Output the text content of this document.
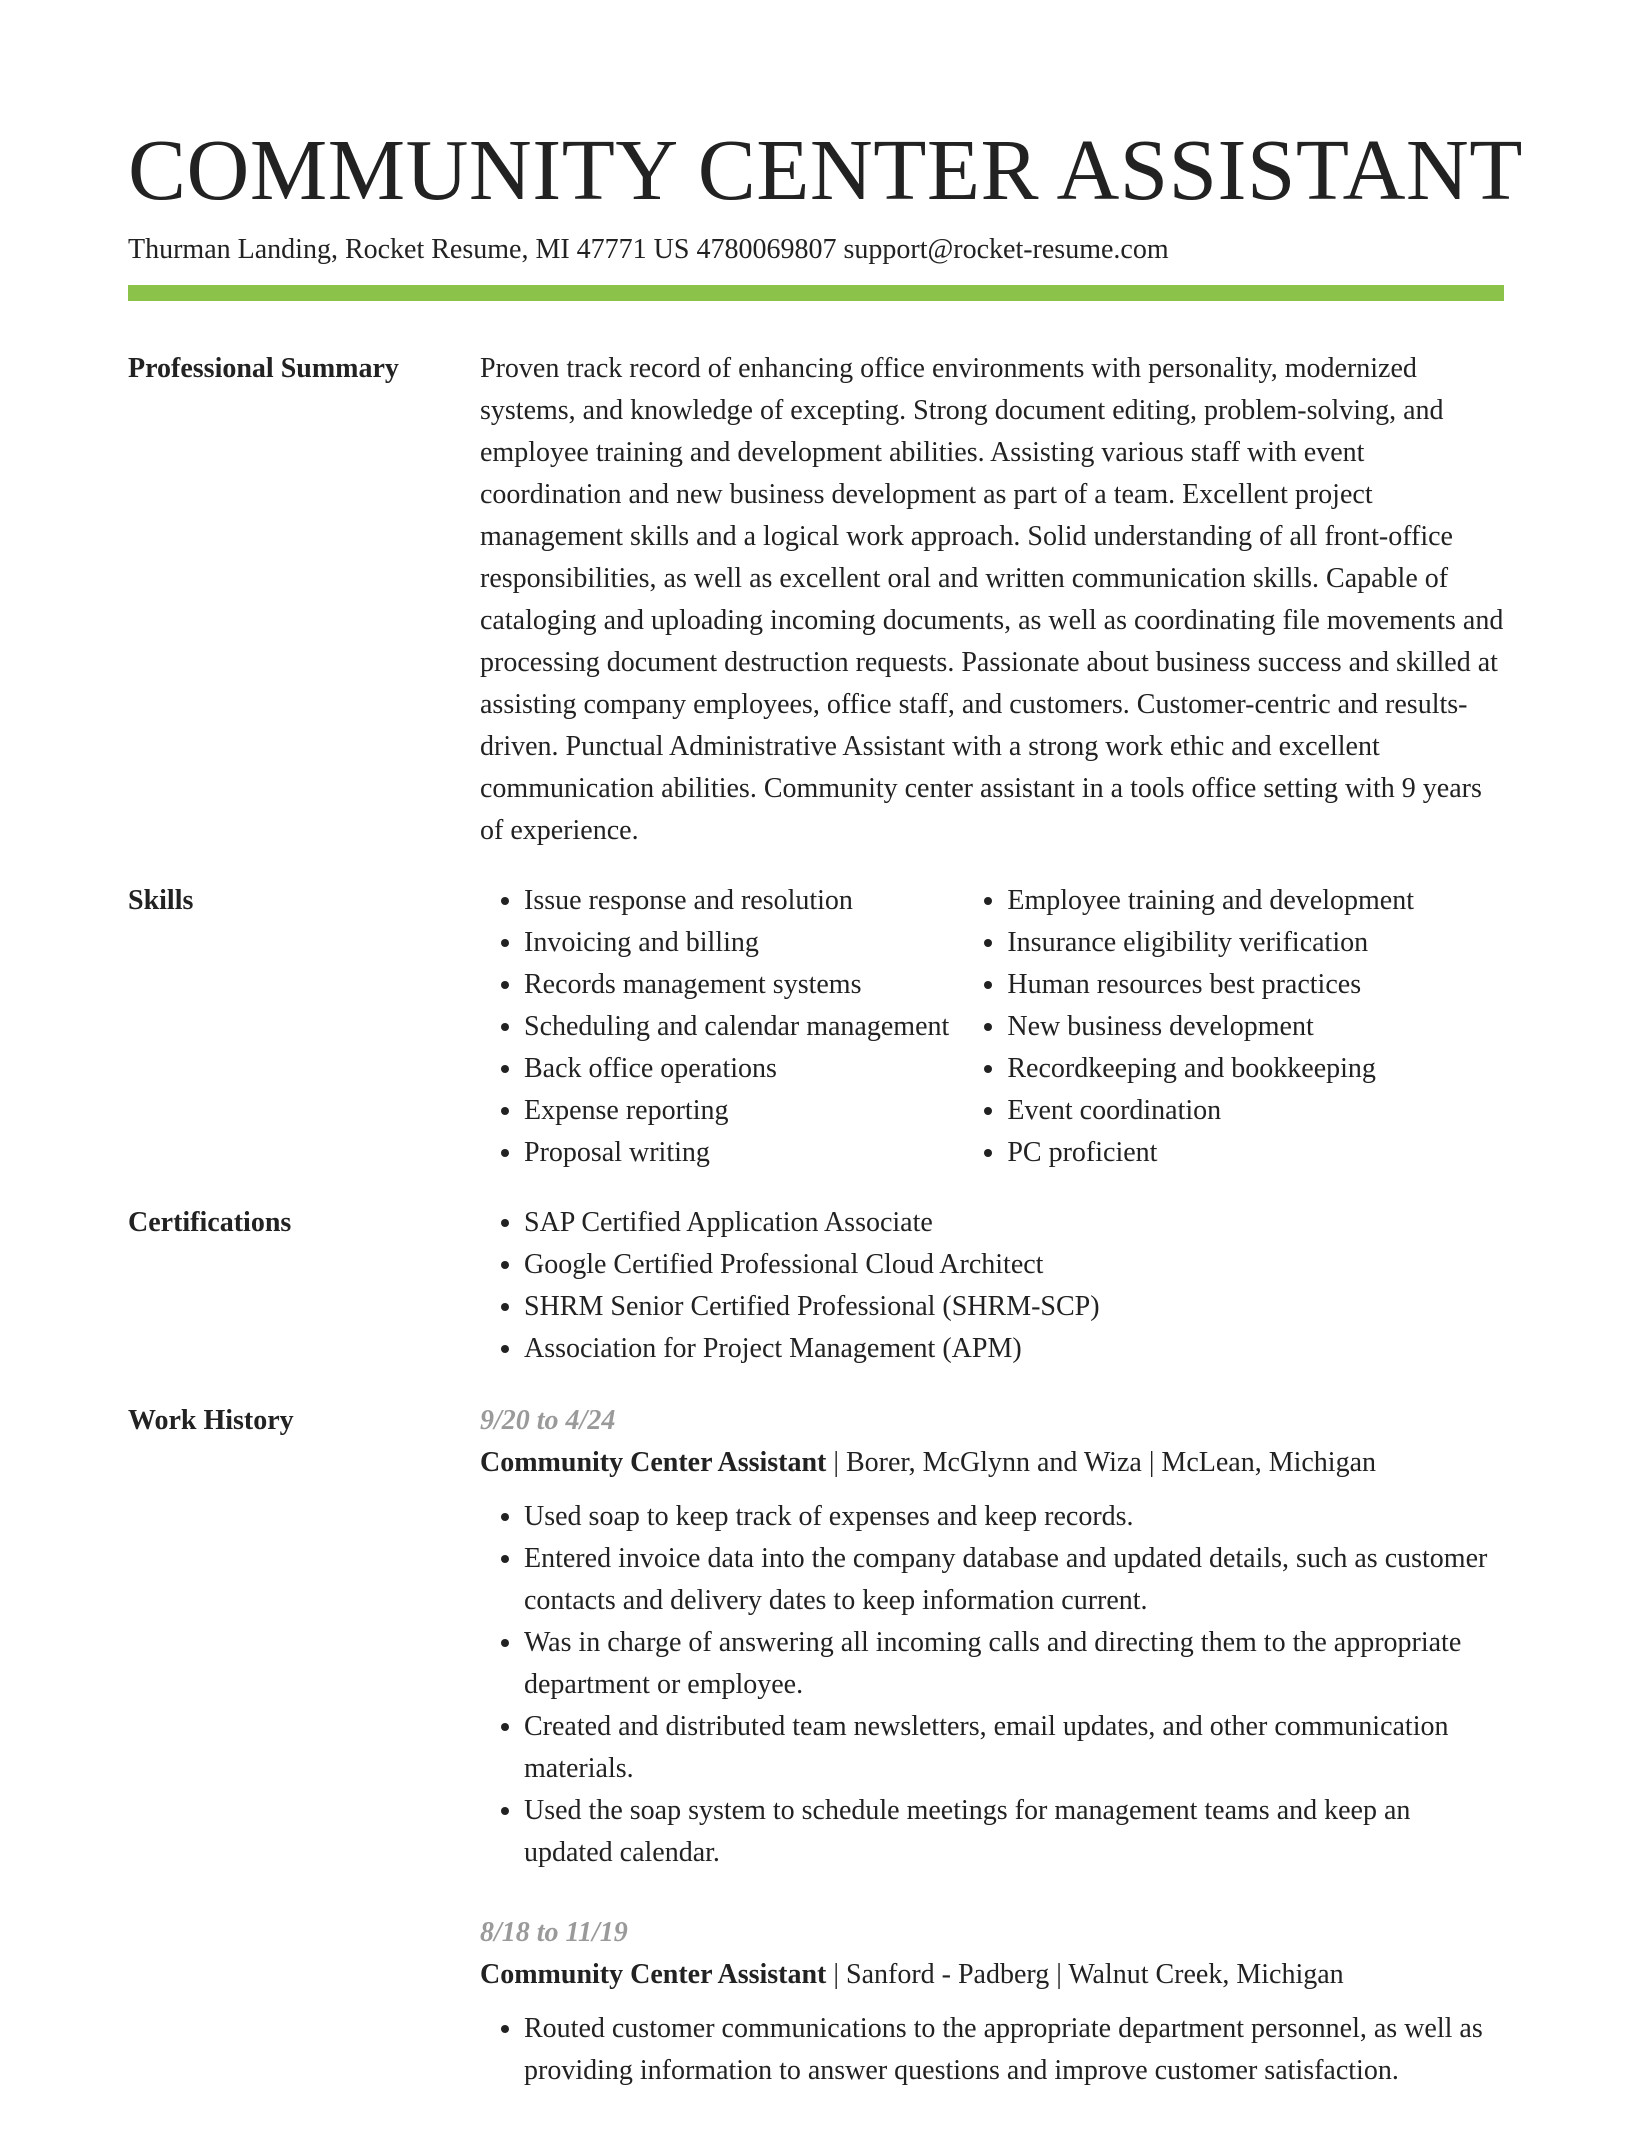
COMMUNITY CENTER ASSISTANT
Thurman Landing, Rocket Resume, MI 47771 US 4780069807 support@rocket-resume.com
Professional Summary	Proven track record of enhancing office environments with personality, modernized systems, and knowledge of excepting. Strong document editing, problem-solving, and employee training and development abilities. Assisting various staff with event coordination and new business development as part of a team. Excellent project management skills and a logical work approach. Solid understanding of all front-office responsibilities, as well as excellent oral and written communication skills. Capable of cataloging and uploading incoming documents, as well as coordinating file movements and processing document destruction requests. Passionate about business success and skilled at assisting company employees, office staff, and customers. Customer-centric and results-driven. Punctual Administrative Assistant with a strong work ethic and excellent communication abilities. Community center assistant in a tools office setting with 9 years of experience.

Skills	• Issue response and resolution
• Invoicing and billing
• Records management systems
• Scheduling and calendar management
• Back office operations
• Expense reporting
• Proposal writing
• Employee training and development
• Insurance eligibility verification
• Human resources best practices
• New business development
• Recordkeeping and bookkeeping
• Event coordination
• PC proficient
Certifications	• SAP Certified Application Associate
• Google Certified Professional Cloud Architect
• SHRM Senior Certified Professional (SHRM-SCP)
• Association for Project Management (APM)
Work History	9/20 to 4/24
Community Center Assistant | Borer, McGlynn and Wiza | McLean, Michigan
• Used soap to keep track of expenses and keep records.
• Entered invoice data into the company database and updated details, such as customer contacts and delivery dates to keep information current.
• Was in charge of answering all incoming calls and directing them to the appropriate department or employee.
• Created and distributed team newsletters, email updates, and other communication materials.
• Used the soap system to schedule meetings for management teams and keep an updated calendar.
8/18 to 11/19
Community Center Assistant | Sanford - Padberg | Walnut Creek, Michigan
• Routed customer communications to the appropriate department personnel, as well as providing information to answer questions and improve customer satisfaction.
